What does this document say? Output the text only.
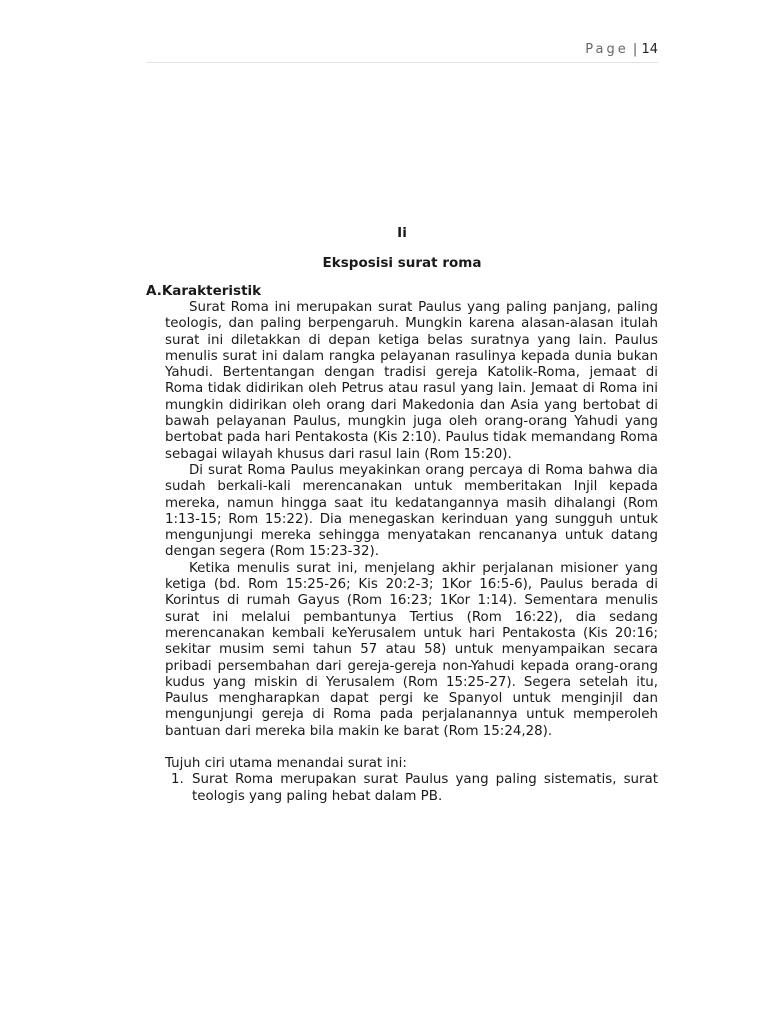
Page | 14
Ii
Eksposisi surat roma
A.Karakteristik

Surat Roma ini merupakan surat Paulus yang paling panjang, paling teologis, dan paling berpengaruh. Mungkin karena alasan-alasan itulah surat ini diletakkan di depan ketiga belas suratnya yang lain. Paulus menulis surat ini dalam rangka pelayanan rasulinya kepada dunia bukan Yahudi. Bertentangan dengan tradisi gereja Katolik-Roma, jemaat di Roma tidak didirikan oleh Petrus atau rasul yang lain. Jemaat di Roma ini mungkin didirikan oleh orang dari Makedonia dan Asia yang bertobat di bawah pelayanan Paulus, mungkin juga oleh orang-orang Yahudi yang bertobat pada hari Pentakosta (Kis 2:10). Paulus tidak memandang Roma sebagai wilayah khusus dari rasul lain (Rom 15:20).

Di surat Roma Paulus meyakinkan orang percaya di Roma bahwa dia sudah berkali-kali merencanakan untuk memberitakan Injil kepada mereka, namun hingga saat itu kedatangannya masih dihalangi (Rom 1:13-15; Rom 15:22). Dia menegaskan kerinduan yang sungguh untuk mengunjungi mereka sehingga menyatakan rencananya untuk datang dengan segera (Rom 15:23-32).

Ketika menulis surat ini, menjelang akhir perjalanan misioner yang ketiga (bd. Rom 15:25-26; Kis 20:2-3; 1Kor 16:5-6), Paulus berada di Korintus di rumah Gayus (Rom 16:23; 1Kor 1:14). Sementara menulis surat ini melalui pembantunya Tertius (Rom 16:22), dia sedang merencanakan kembali keYerusalem untuk hari Pentakosta (Kis 20:16; sekitar musim semi tahun 57 atau 58) untuk menyampaikan secara pribadi persembahan dari gereja-gereja non-Yahudi kepada orang-orang kudus yang miskin di Yerusalem (Rom 15:25-27). Segera setelah itu, Paulus mengharapkan dapat pergi ke Spanyol untuk menginjil dan mengunjungi gereja di Roma pada perjalanannya untuk memperoleh bantuan dari mereka bila makin ke barat (Rom 15:24,28).

Tujuh ciri utama menandai surat ini:

1. Surat Roma merupakan surat Paulus yang paling sistematis, surat teologis yang paling hebat dalam PB.
